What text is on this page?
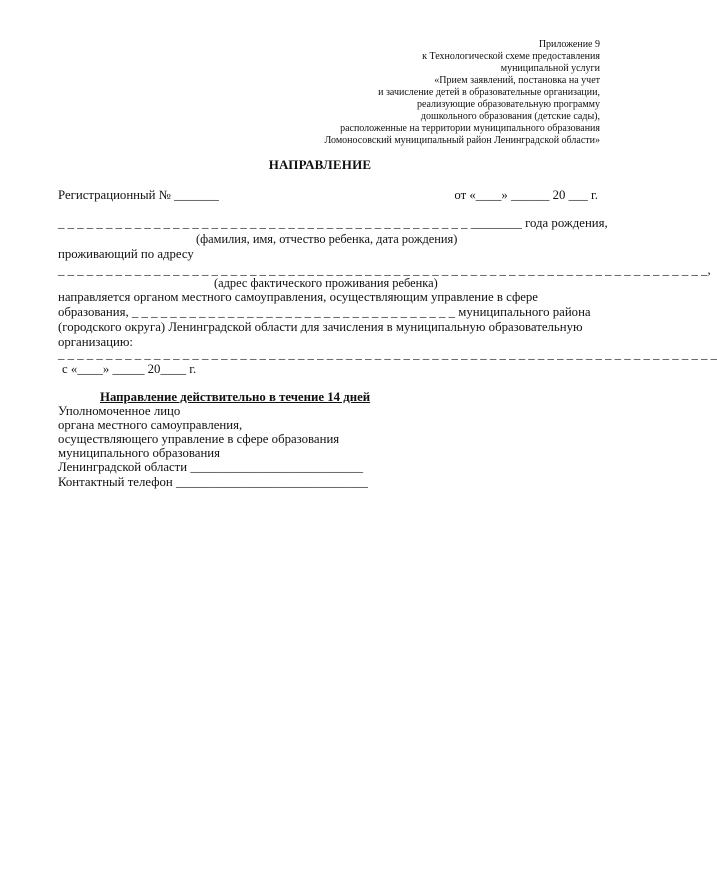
Приложение 9
к Технологической схеме предоставления
муниципальной услуги
«Прием заявлений, постановка на учет
и зачисление детей в образовательные организации,
реализующие образовательную программу
дошкольного образования (детские сады),
расположенные на территории муниципального образования
Ломоносовский муниципальный район Ленинградской области»
НАПРАВЛЕНИЕ
Регистрационный № _______	от «____» ______ 20 ___ г.
_ _ _ _ _ _ _ _ _ _ _ _ _ _ _ _ _ _ _ _ _ _ _ _ _ _ _ _ _ _ _ _ _ _ _ _ _ _ _ _ _ _ _ ________ года рождения,
(фамилия, имя, отчество ребенка, дата рождения)
проживающий по адресу
_ _ _ _ _ _ _ _ _ _ _ _ _ _ _ _ _ _ _ _ _ _ _ _ _ _ _ _ _ _ _ _ _ _ _ _ _ _ _ _ _ _ _ _ _ _ _ _ _ _ _ _ _ _ _ _ _ _ _ _ _ _ _ _ _ _ _ _,
(адрес фактического проживания ребенка)
направляется органом местного самоуправления, осуществляющим управление в сфере
образования, _ _ _ _ _ _ _ _ _ _ _ _ _ _ _ _ _ _ _ _ _ _ _ _ _ _ _ _ _ _ _ _ _ _ муниципального района
(городского округа) Ленинградской области для зачисления в муниципальную образовательную
организацию:
_ _ _ _ _ _ _ _ _ _ _ _ _ _ _ _ _ _ _ _ _ _ _ _ _ _ _ _ _ _ _ _ _ _ _ _ _ _ _ _ _ _ _ _ _ _ _ _ _ _ _ _ _ _ _ _ _ _ _ _ _ _ _ _ _ _ _ _ _
с «____» _____ 20____ г.
Направление действительно в течение 14 дней
Уполномоченное лицо
органа местного самоуправления,
осуществляющего управление в сфере образования
муниципального образования
Ленинградской области ___________________________
Контактный телефон ______________________________
